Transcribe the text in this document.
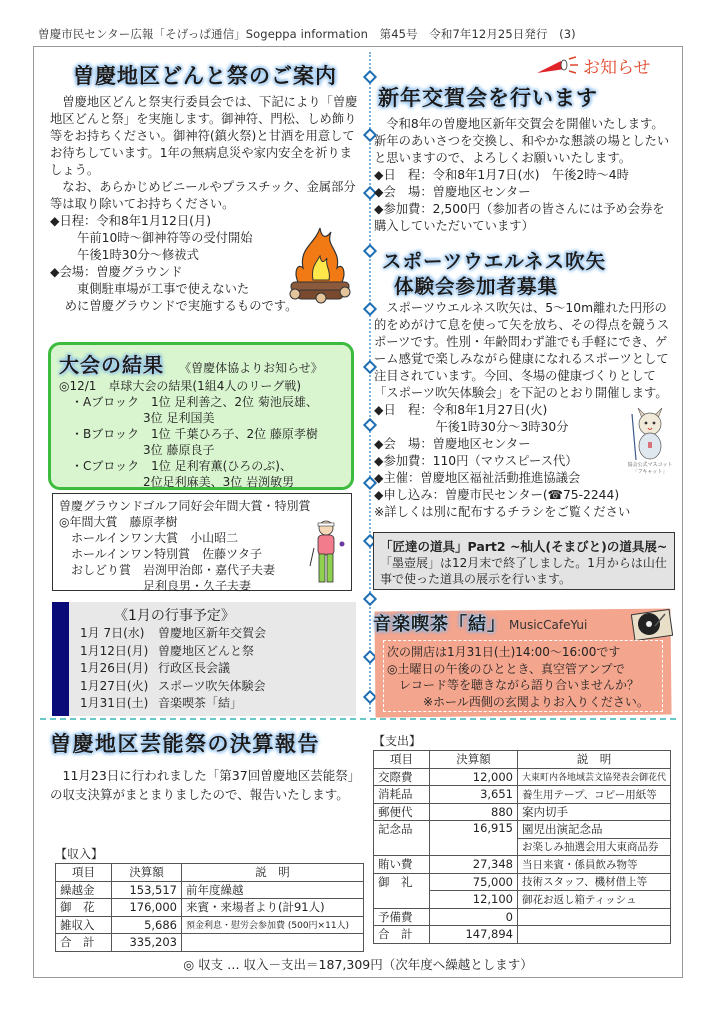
曽慶市民センター広報「そげっぱ通信」Sogeppa information　第45号　令和7年12月25日発行　(3)
曽慶地区どんと祭のご案内

曽慶地区どんと祭実行委員会では、下記により「曽慶地区どんと祭」を実施します。御神符、門松、しめ飾り等をお持ちください。御神符(鎮火祭)と甘酒を用意してお待ちしています。1年の無病息災や家内安全を祈りましょう。

なお、あらかじめビニールやプラスチック、金属部分等は取り除いてお持ちください。

◆日程：令和8年1月12日(月)

午前10時～御神符等の受付開始

午後1時30分～修祓式

◆会場：曽慶グラウンド

東側駐車場が工事で使えないた

めに曽慶グラウンドで実施するものです。

大会の結果 《曽慶体協よりお知らせ》
◎12/1　卓球大会の結果(1組4人のリーグ戦)
　・Aブロック　1位 足利善之、2位 菊池辰雄、
　　　　　　　3位 足利国美
　・Bブロック　1位 千葉ひろ子、2位 藤原孝樹
　　　　　　　3位 藤原良子
　・Cブロック　1位 足利宥薫(ひろのぶ)、
　　　　　　　2位足利麻美、3位 岩渕敏男
曽慶グラウンドゴルフ同好会年間大賞・特別賞
◎年間大賞　藤原孝樹
　ホールインワン大賞　小山昭二
　ホールインワン特別賞　佐藤ツタ子
　おしどり賞　岩渕甲治郎・嘉代子夫妻
　　　　　　　足利良男・久子夫妻
《1月の行事予定》
1月 7日(水) 曽慶地区新年交賀会
1月12日(月) 曽慶地区どんと祭
1月26日(月) 行政区長会議
1月27日(火) スポーツ吹矢体験会
1月31日(土) 音楽喫茶「結」
お知らせ
新年交賀会を行います

令和8年の曽慶地区新年交賀会を開催いたします。新年のあいさつを交換し、和やかな懇談の場としたいと思いますので、よろしくお願いいたします。

◆日　程：令和8年1月7日(水)　午後2時～4時

◆会　場：曽慶地区センター

◆参加費：2,500円（参加者の皆さんには予め会券を購入していただいています）

スポーツウエルネス吹矢
体験会参加者募集

スポーツウエルネス吹矢は、5～10m離れた円形の的をめがけて息を使って矢を放ち、その得点を競うスポーツです。性別・年齢問わず誰でも手軽にでき、ゲーム感覚で楽しみながら健康になれるスポーツとして注目されています。今回、冬場の健康づくりとして「スポーツ吹矢体験会」を下記のとおり開催します。

◆日　程：令和8年1月27日(火)

　　　　　午後1時30分～3時30分

◆会　場：曽慶地区センター

◆参加費：110円（マウスピース代）

◆主催：曽慶地区福祉活動推進協議会

◆申し込み：曽慶市民センター(☎75-2244)

※詳しくは別に配布するチラシをご覧ください

協会公式マスコット
「フキャット」
「匠達の道具」Part2 ~杣人(そまびと)の道具展~

「墨壺展」は12月末で終了しました。1月からは山仕事で使った道具の展示を行います。

音楽喫茶「結」 MusicCafeYui
次の開店は1月31日(土)14:00～16:00です
◎土曜日の午後のひととき、真空管アンプで
　レコード等を聴きながら語り合いませんか？
　　　※ホール西側の玄関よりお入りください。
曽慶地区芸能祭の決算報告

11月23日に行われました「第37回曽慶地区芸能祭」の収支決算がまとまりましたので、報告いたします。

【収入】
項目	決算額	説　明
繰越金	153,517	前年度繰越
御　花	176,000	来賓・来場者より(計91人)
雑収入	5,686	預金利息・慰労会参加費 (500円×11人)
合　計	335,203	
【支出】
項目	決算額	説　明
交際費	12,000	大東町内各地域芸文協発表会御花代
消耗品	3,651	養生用テープ、コピー用紙等
郵便代	880	案内切手
記念品	16,915	園児出演記念品
		お楽しみ抽選会用大東商品券
賄い費	27,348	当日来賓・係員飲み物等
御　礼	75,000	技術スタッフ、機材借上等
	12,100	御花お返し箱ティッシュ
予備費	0	
合　計	147,894	
◎ 収支 … 収入－支出＝187,309円（次年度へ繰越とします）
